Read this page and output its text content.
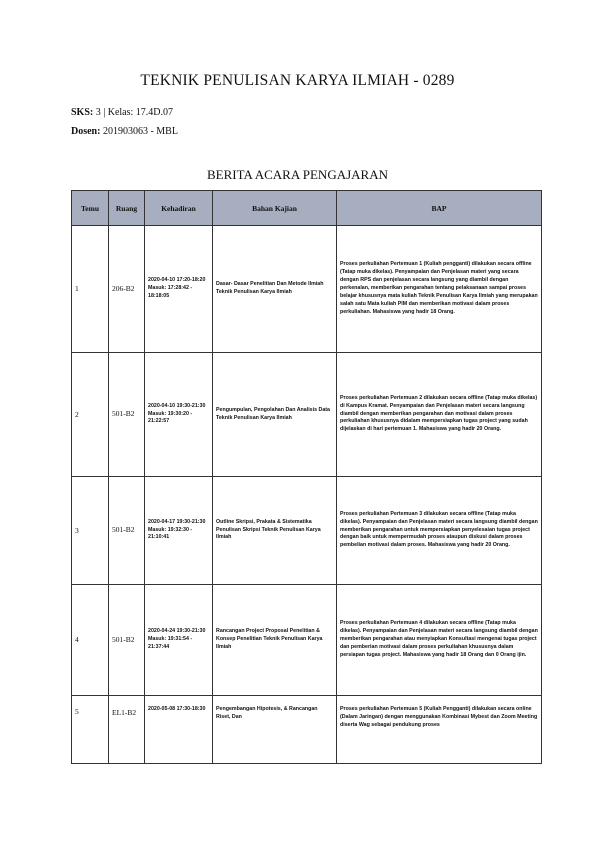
TEKNIK PENULISAN KARYA ILMIAH - 0289
SKS: 3 | Kelas: 17.4D.07
Dosen: 201903063 - MBL
BERITA ACARA PENGAJARAN
Temu	Ruang	Kehadiran	Bahan Kajian	BAP
1	206-B2	2020-04-10 17:20-18:20 Masuk: 17:28:42 - 18:18:05	Dasar- Dasar Penelitian Dan Metode Ilmiah Teknik Penulisan Karya Ilmiah	Proses perkuliahan Pertemuan 1 (Kuliah pengganti) dilakukan secara offline (Tatap muka dikelas). Penyampaian dan Penjelasan materi yang secara dengan RPS dan penjelasan secara langsung yang diambil dengan perkenalan, memberikan pengarahan tentang pelaksanaan sampai proses belajar khususnya mata kuliah Teknik Penulisan Karya Ilmiah yang merupakan salah satu Mata kuliah PIM dan memberikan motivasi dalam proses perkuliahan. Mahasiswa yang hadir 18 Orang.
2	501-B2	2020-04-10 19:30-21:30 Masuk: 19:30:20 - 21:22:57	Pengumpulan, Pengolahan Dan Analisis Data Teknik Penulisan Karya Ilmiah	Proses perkuliahan Pertemuan 2 dilakukan secara offline (Tatap muka dikelas) di Kampus Kramat. Penyampaian dan Penjelasan materi secara langsung diambil dengan memberikan pengarahan dan motivasi dalam proses perkuliahan khususnya didalam mempersiapkan tugas project yang sudah dijelaskan di hari pertemuan 1. Mahasiswa yang hadir 20 Orang.
3	501-B2	2020-04-17 19:30-21:30 Masuk: 19:32:30 - 21:10:41	Outline Skripsi, Prakata & Sistematika Penulisan Skripsi Teknik Penulisan Karya Ilmiah	Proses perkuliahan Pertemuan 3 dilakukan secara offline (Tatap muka dikelas). Penyampaian dan Penjelasan materi secara langsung diambil dengan memberikan pengarahan untuk mempersiapkan penyelesaian tugas project dengan baik untuk mempermudah proses ataupun diskusi dalam proses pembelian motivasi dalam proses. Mahasiswa yang hadir 20 Orang.
4	501-B2	2020-04-24 19:30-21:30 Masuk: 19:31:54 - 21:37:44	Rancangan Project Proposal Penelitian & Konsep Penelitian Teknik Penulisan Karya Ilmiah	Proses perkuliahan Pertemuan 4 dilakukan secara offline (Tatap muka dikelas). Penyampaian dan Penjelasan materi secara langsung diambil dengan memberikan pengarahan atau menyiapkan Konsultasi mengenai tugas project dan pemberian motivasi dalam proses perkuliahan khususnya dalam persiapan tugas project. Mahasiswa yang hadir 18 Orang dan 0 Orang ijin.
5	EL1-B2	2020-05-08 17:30-18:30	Pengembangan Hipotesis, & Rancangan Riset, Dan	Proses perkuliahan Pertemuan 5 (Kuliah Pengganti) dilakukan secara online (Dalam Jaringan) dengan menggunakan Kombinasi Mybest dan Zoom Meeting diserta Wag sebagai pendukung proses
